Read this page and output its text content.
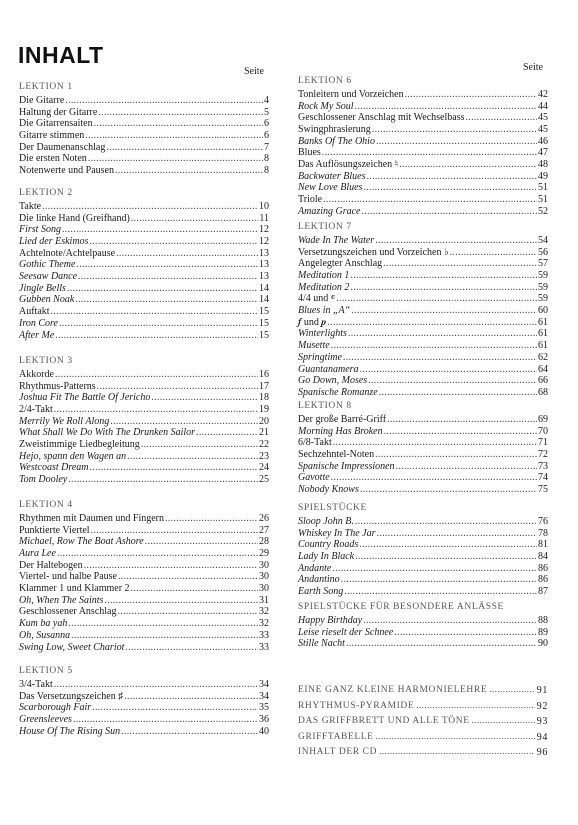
INHALT
Seite	Seite
LEKTION 1
Die Gitarre .....	4
Haltung der Gitarre .....	5
Die Gitarrensaiten .....	6
Gitarre stimmen .....	6
Der Daumenanschlag .....	7
Die ersten Noten .....	8
Notenwerte und Pausen .....	8
LEKTION 2
Takte .....	10
Die linke Hand (Greifhand) .....	11
First Song .....	12
Lied der Eskimos .....	12
Achtelnote/Achtelpause .....	13
Gothic Theme .....	13
Seesaw Dance .....	13
Jingle Bells .....	14
Gubben Noak .....	14
Auftakt .....	15
Iron Core .....	15
After Me .....	15
LEKTION 3
Akkorde .....	16
Rhythmus-Patterns .....	17
Joshua Fit The Battle Of Jericho .....	18
2/4-Takt .....	19
Merrily We Roll Along .....	20
What Shall We Do With The Drunken Sailor .....	21
Zweistimmige Liedbegleitung .....	22
Hejo, spann den Wagen an .....	23
Westcoast Dream .....	24
Tom Dooley .....	25
LEKTION 4
Rhythmen mit Daumen und Fingern .....	26
Punktierte Viertel .....	27
Michael, Row The Boat Ashore .....	28
Aura Lee .....	29
Der Haltebogen .....	30
Viertel- und halbe Pause .....	30
Klammer 1 und Klammer 2 .....	30
Oh, When The Saints .....	31
Geschlossener Anschlag .....	32
Kum ba yah .....	32
Oh, Susanna .....	33
Swing Low, Sweet Chariot .....	33
LEKTION 5
3/4-Takt .....	34
Das Versetzungszeichen ♯ .....	34
Scarborough Fair .....	35
Greensleeves .....	36
House Of The Rising Sun .....	40
LEKTION 6
Tonleitern und Vorzeichen .....	42
Rock My Soul .....	44
Geschlossener Anschlag mit Wechselbass .....	45
Swingphrasierung .....	45
Banks Of The Ohio .....	46
Blues .....	47
Das Auflösungszeichen ♮ .....	48
Backwater Blues .....	49
New Love Blues .....	51
Triole .....	51
Amazing Grace .....	52
LEKTION 7
Wade In The Water .....	54
Versetzungszeichen und Vorzeichen ♭ .....	56
Angelegter Anschlag .....	57
Meditation 1 .....	59
Meditation 2 .....	59
4/4 und 𝄴 .....	59
Blues in „A“ .....	60
𝆑 und 𝆏 .....	61
Winterlights .....	61
Musette .....	61
Springtime .....	62
Guantanamera .....	64
Go Down, Moses .....	66
Spanische Romanze .....	68
LEKTION 8
Der große Barré-Griff .....	69
Morning Has Broken .....	70
6/8-Takt .....	71
Sechzehntel-Noten .....	72
Spanische Impressionen .....	73
Gavotte .....	74
Nobody Knows .....	75
SPIELSTÜCKE
Sloop John B. .....	76
Whiskey In The Jar .....	78
Country Roads .....	81
Lady In Black .....	84
Andante .....	86
Andantino .....	86
Earth Song .....	87
SPIELSTÜCKE FÜR BESONDERE ANLÄSSE
Happy Birthday .....	88
Leise rieselt der Schnee .....	89
Stille Nacht .....	90
EINE GANZ KLEINE HARMONIELEHRE .....	91
RHYTHMUS-PYRAMIDE .....	92
DAS GRIFFBRETT UND ALLE TÖNE .....	93
GRIFFTABELLE .....	94
INHALT DER CD .....	96
